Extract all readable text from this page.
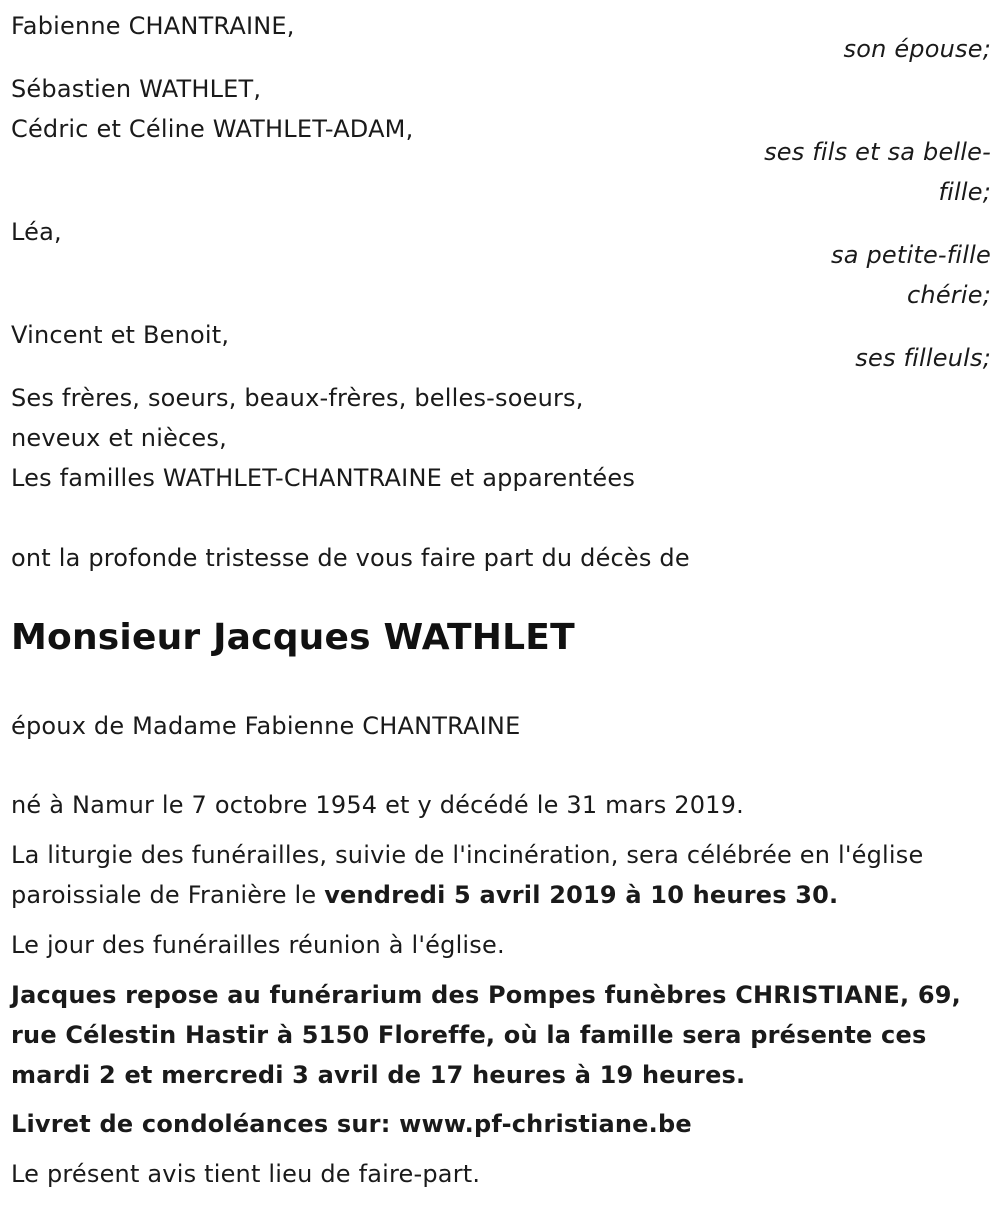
Fabienne CHANTRAINE,
son épouse;
Sébastien WATHLET,
Cédric et Céline WATHLET-ADAM,
ses fils et sa belle-
fille;
Léa,
sa petite-fille
chérie;
Vincent et Benoit,
ses filleuls;
Ses frères, soeurs, beaux-frères, belles-soeurs,
neveux et nièces,
Les familles WATHLET-CHANTRAINE et apparentées
ont la profonde tristesse de vous faire part du décès de
Monsieur Jacques WATHLET
époux de Madame Fabienne CHANTRAINE
né à Namur le 7 octobre 1954 et y décédé le 31 mars 2019.
La liturgie des funérailles, suivie de l'incinération, sera célébrée en l'église paroissiale de Franière le vendredi 5 avril 2019 à 10 heures 30.
Le jour des funérailles réunion à l'église.
Jacques repose au funérarium des Pompes funèbres CHRISTIANE, 69, rue Célestin Hastir à 5150 Floreffe, où la famille sera présente ces mardi 2 et mercredi 3 avril de 17 heures à 19 heures.
Livret de condoléances sur: www.pf-christiane.be
Le présent avis tient lieu de faire-part.
